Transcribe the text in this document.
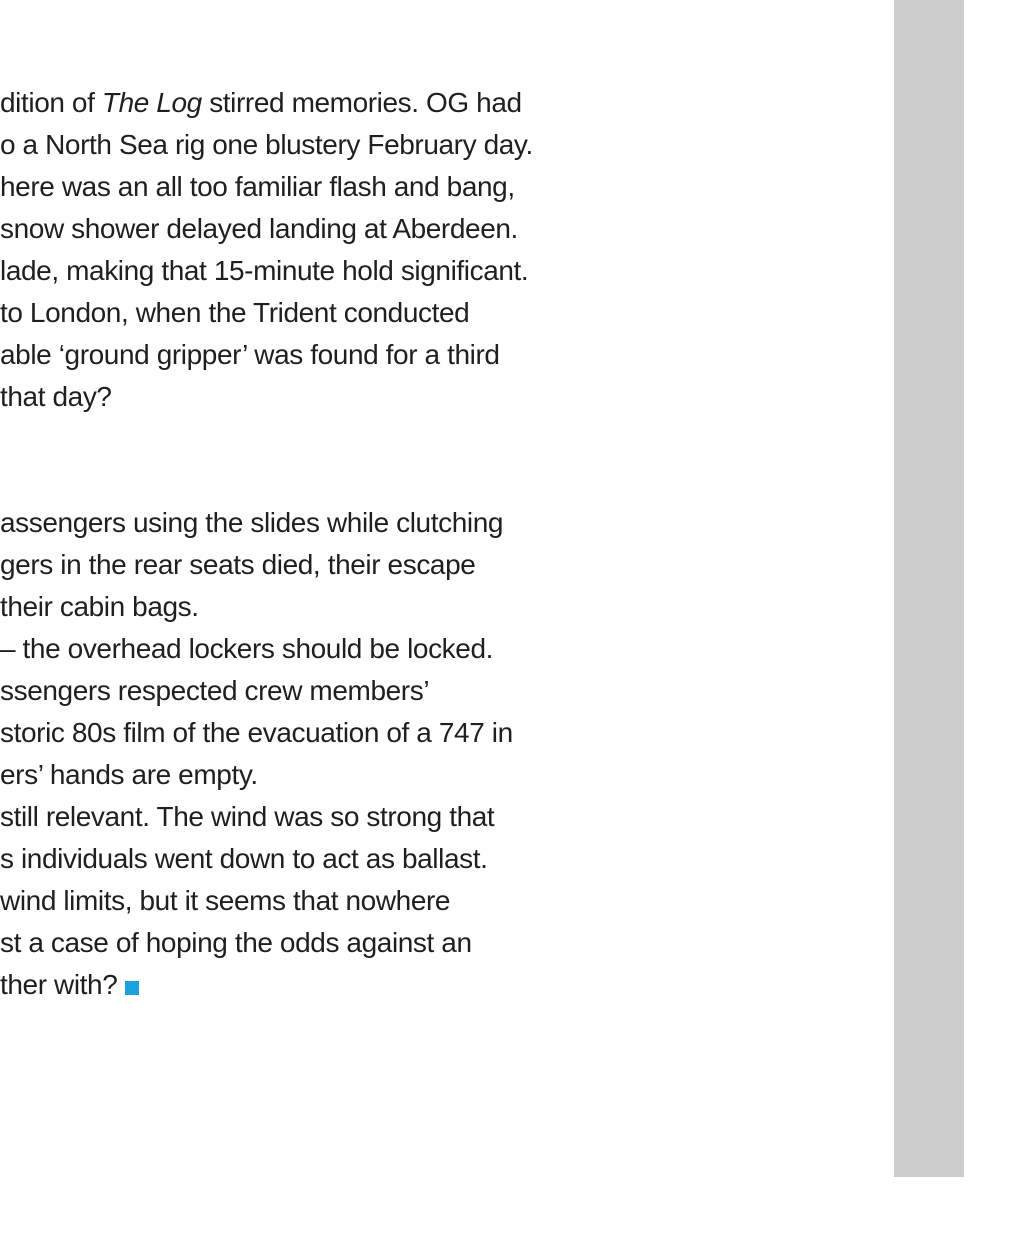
dition of The Log stirred memories. OG had
o a North Sea rig one blustery February day.
here was an all too familiar flash and bang,
snow shower delayed landing at Aberdeen.
lade, making that 15-minute hold significant.
to London, when the Trident conducted
able ‘ground gripper’ was found for a third
that day?
assengers using the slides while clutching
gers in the rear seats died, their escape
their cabin bags.
– the overhead lockers should be locked.
ssengers respected crew members’
storic 80s film of the evacuation of a 747 in
ers’ hands are empty.
still relevant. The wind was so strong that
s individuals went down to act as ballast.
wind limits, but it seems that nowhere
st a case of hoping the odds against an
ther with?
